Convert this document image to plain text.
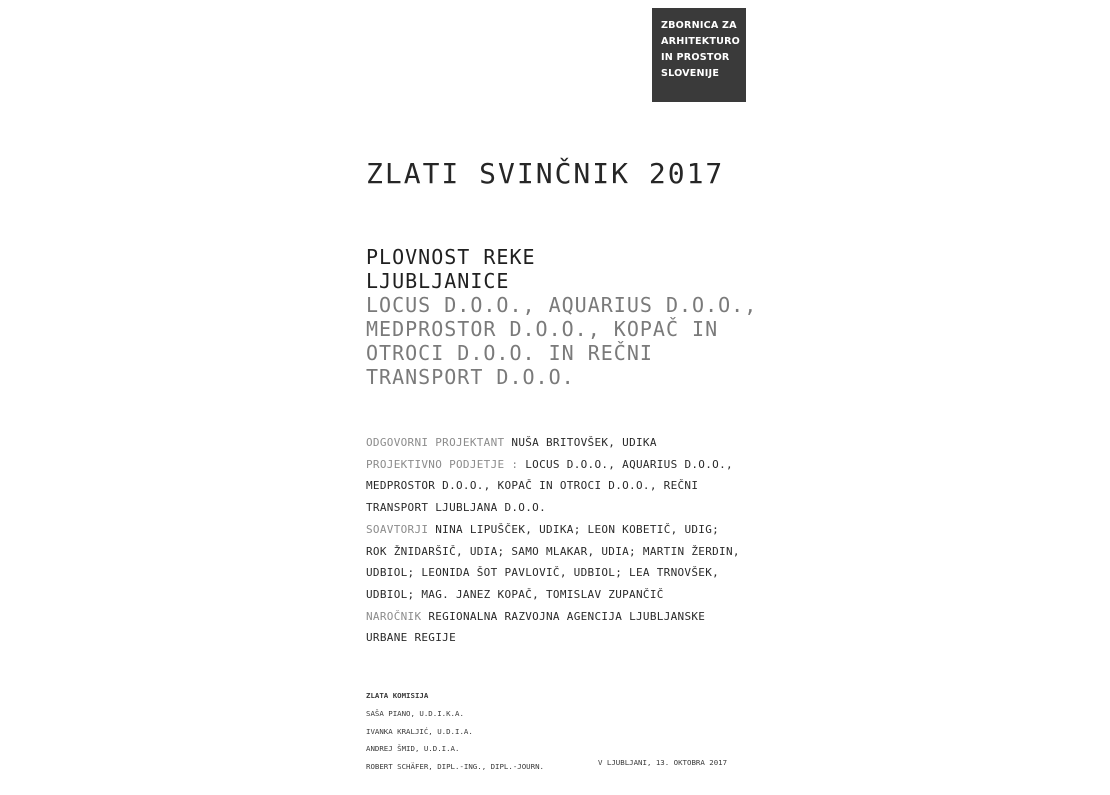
ZBORNICA ZA
ARHITEKTURO
IN PROSTOR
SLOVENIJE
ZLATI SVINČNIK 2017
PLOVNOST REKE
LJUBLJANICE
LOCUS D.O.O., AQUARIUS D.O.O.,
MEDPROSTOR D.O.O., KOPAČ IN
OTROCI D.O.O. IN REČNI
TRANSPORT D.O.O.
ODGOVORNI PROJEKTANT NUŠA BRITOVŠEK, UDIKA
PROJEKTIVNO PODJETJE : LOCUS D.O.O., AQUARIUS D.O.O.,
MEDPROSTOR D.O.O., KOPAČ IN OTROCI D.O.O., REČNI
TRANSPORT LJUBLJANA D.O.O.
SOAVTORJI NINA LIPUŠČEK, UDIKA; LEON KOBETIČ, UDIG;
ROK ŽNIDARŠIČ, UDIA; SAMO MLAKAR, UDIA; MARTIN ŽERDIN,
UDBIOL; LEONIDA ŠOT PAVLOVIČ, UDBIOL; LEA TRNOVŠEK,
UDBIOL; MAG. JANEZ KOPAČ, TOMISLAV ZUPANČIČ
NAROČNIK REGIONALNA RAZVOJNA AGENCIJA LJUBLJANSKE
URBANE REGIJE
ZLATA KOMISIJA
SAŠA PIANO, U.D.I.K.A.
IVANKA KRALJIĆ, U.D.I.A.
ANDREJ ŠMID, U.D.I.A.
ROBERT SCHÄFER, DIPL.-ING., DIPL.-JOURN.	V LJUBLJANI, 13. OKTOBRA 2017
